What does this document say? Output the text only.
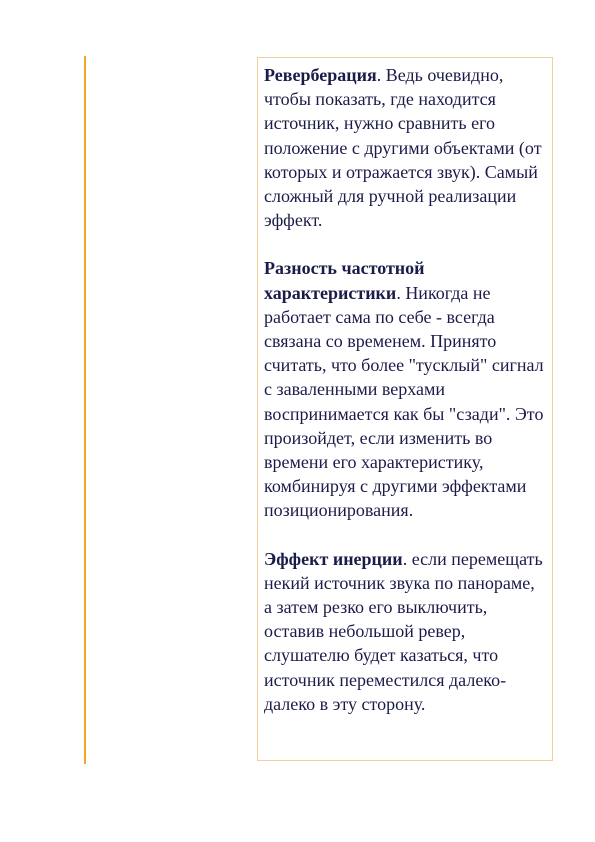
Реверберация. Ведь очевидно, чтобы показать, где находится источник, нужно сравнить его положение с другими объектами (от которых и отражается звук). Самый сложный для ручной реализации эффект.

Разность частотной характеристики. Никогда не работает сама по себе - всегда связана со временем. Принято считать, что более "тусклый" сигнал с заваленными верхами воспринимается как бы "сзади". Это произойдет, если изменить во времени его характеристику, комбинируя с другими эффектами позиционирования.

Эффект инерции. если перемещать некий источник звука по панораме, а затем резко его выключить, оставив небольшой ревер, слушателю будет казаться, что источник переместился далеко-далеко в эту сторону.
